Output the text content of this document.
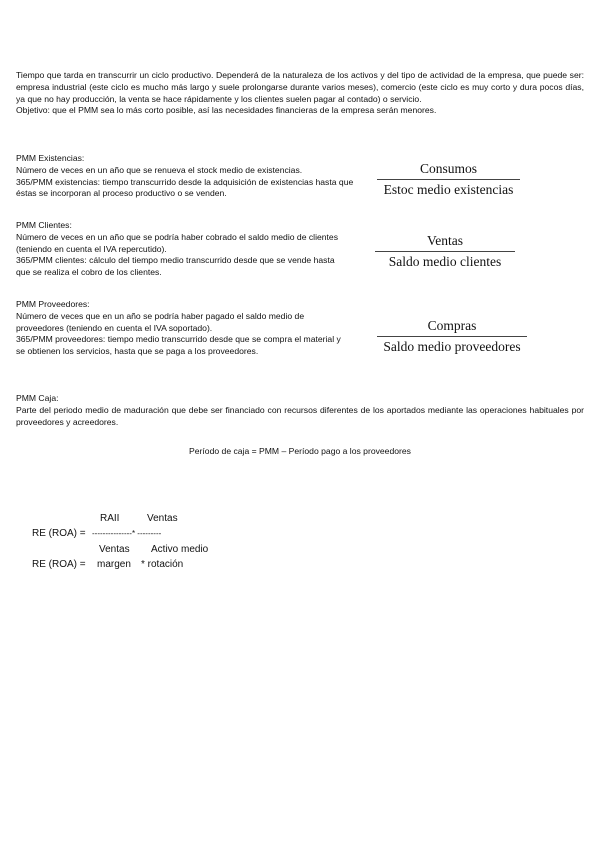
Tiempo que tarda en transcurrir un ciclo productivo. Dependerá de la naturaleza de los activos y del tipo de actividad de la empresa, que puede ser: empresa industrial (este ciclo es mucho más largo y suele prolongarse durante varios meses), comercio (este ciclo es muy corto y dura pocos días, ya que no hay producción, la venta se hace rápidamente y los clientes suelen pagar al contado) o servicio.

Objetivo: que el PMM sea lo más corto posible, así las necesidades financieras de la empresa serán menores.

PMM Existencias:

Número de veces en un año que se renueva el stock medio de existencias.

365/PMM existencias: tiempo transcurrido desde la adquisición de existencias hasta que éstas se incorporan al proceso productivo o se venden.

Consumos
Estoc medio existencias

PMM Clientes:

Número de veces en un año que se podría haber cobrado el saldo medio de clientes (teniendo en cuenta el IVA repercutido).

365/PMM clientes: cálculo del tiempo medio transcurrido desde que se vende hasta que se realiza el cobro de los clientes.

Ventas
Saldo medio clientes

PMM Proveedores:

Número de veces que en un año se podría haber pagado el saldo medio de proveedores (teniendo en cuenta el IVA soportado).

365/PMM proveedores: tiempo medio transcurrido desde que se compra el material y se obtienen los servicios, hasta que se paga a los proveedores.

Compras
Saldo medio proveedores

PMM Caja:

Parte del periodo medio de maduración que debe ser financiado con recursos diferentes de los aportados mediante las operaciones habituales por proveedores y acreedores.

Período de caja = PMM – Período pago a los proveedores
RAII	Ventas
RE (ROA) = ---------------* ---------
Ventas Activo medio
RE (ROA) = margen * rotación
